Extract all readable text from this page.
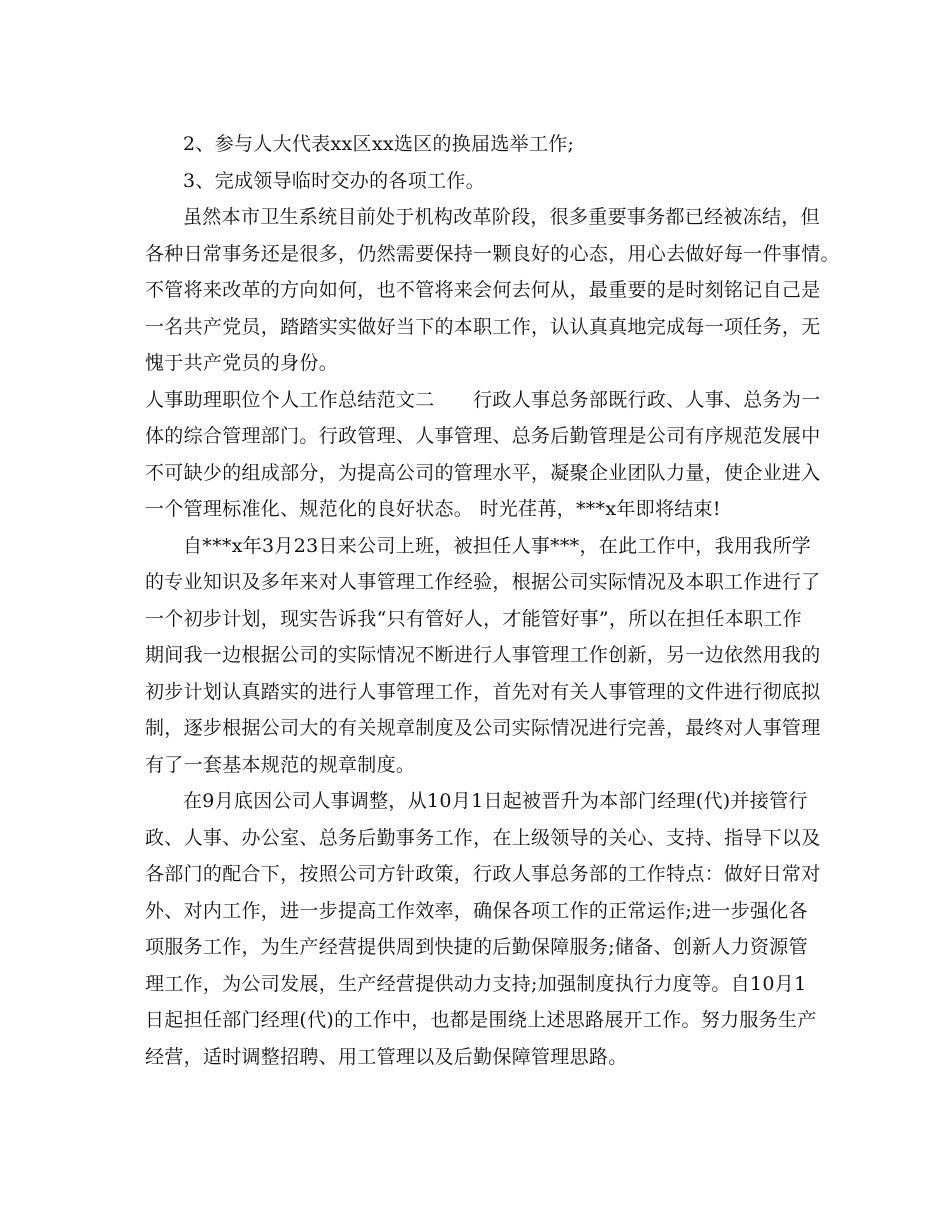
2、参与人大代表xx区xx选区的换届选举工作;
3、完成领导临时交办的各项工作。
虽然本市卫生系统目前处于机构改革阶段，很多重要事务都已经被冻结，但
各种日常事务还是很多，仍然需要保持一颗良好的心态，用心去做好每一件事情。
不管将来改革的方向如何，也不管将来会何去何从，最重要的是时刻铭记自己是
一名共产党员，踏踏实实做好当下的本职工作，认认真真地完成每一项任务，无
愧于共产党员的身份。
人事助理职位个人工作总结范文二　　行政人事总务部既行政、人事、总务为一
体的综合管理部门。行政管理、人事管理、总务后勤管理是公司有序规范发展中
不可缺少的组成部分，为提高公司的管理水平，凝聚企业团队力量，使企业进入
一个管理标准化、规范化的良好状态。 时光荏苒，***x年即将结束!
自***x年3月23日来公司上班，被担任人事***，在此工作中，我用我所学
的专业知识及多年来对人事管理工作经验，根据公司实际情况及本职工作进行了
一个初步计划，现实告诉我“只有管好人，才能管好事”，所以在担任本职工作
期间我一边根据公司的实际情况不断进行人事管理工作创新，另一边依然用我的
初步计划认真踏实的进行人事管理工作，首先对有关人事管理的文件进行彻底拟
制，逐步根据公司大的有关规章制度及公司实际情况进行完善，最终对人事管理
有了一套基本规范的规章制度。
在9月底因公司人事调整，从10月1日起被晋升为本部门经理(代)并接管行
政、人事、办公室、总务后勤事务工作，在上级领导的关心、支持、指导下以及
各部门的配合下，按照公司方针政策，行政人事总务部的工作特点：做好日常对
外、对内工作，进一步提高工作效率，确保各项工作的正常运作;进一步强化各
项服务工作，为生产经营提供周到快捷的后勤保障服务;储备、创新人力资源管
理工作，为公司发展，生产经营提供动力支持;加强制度执行力度等。自10月1
日起担任部门经理(代)的工作中，也都是围绕上述思路展开工作。努力服务生产
经营，适时调整招聘、用工管理以及后勤保障管理思路。
